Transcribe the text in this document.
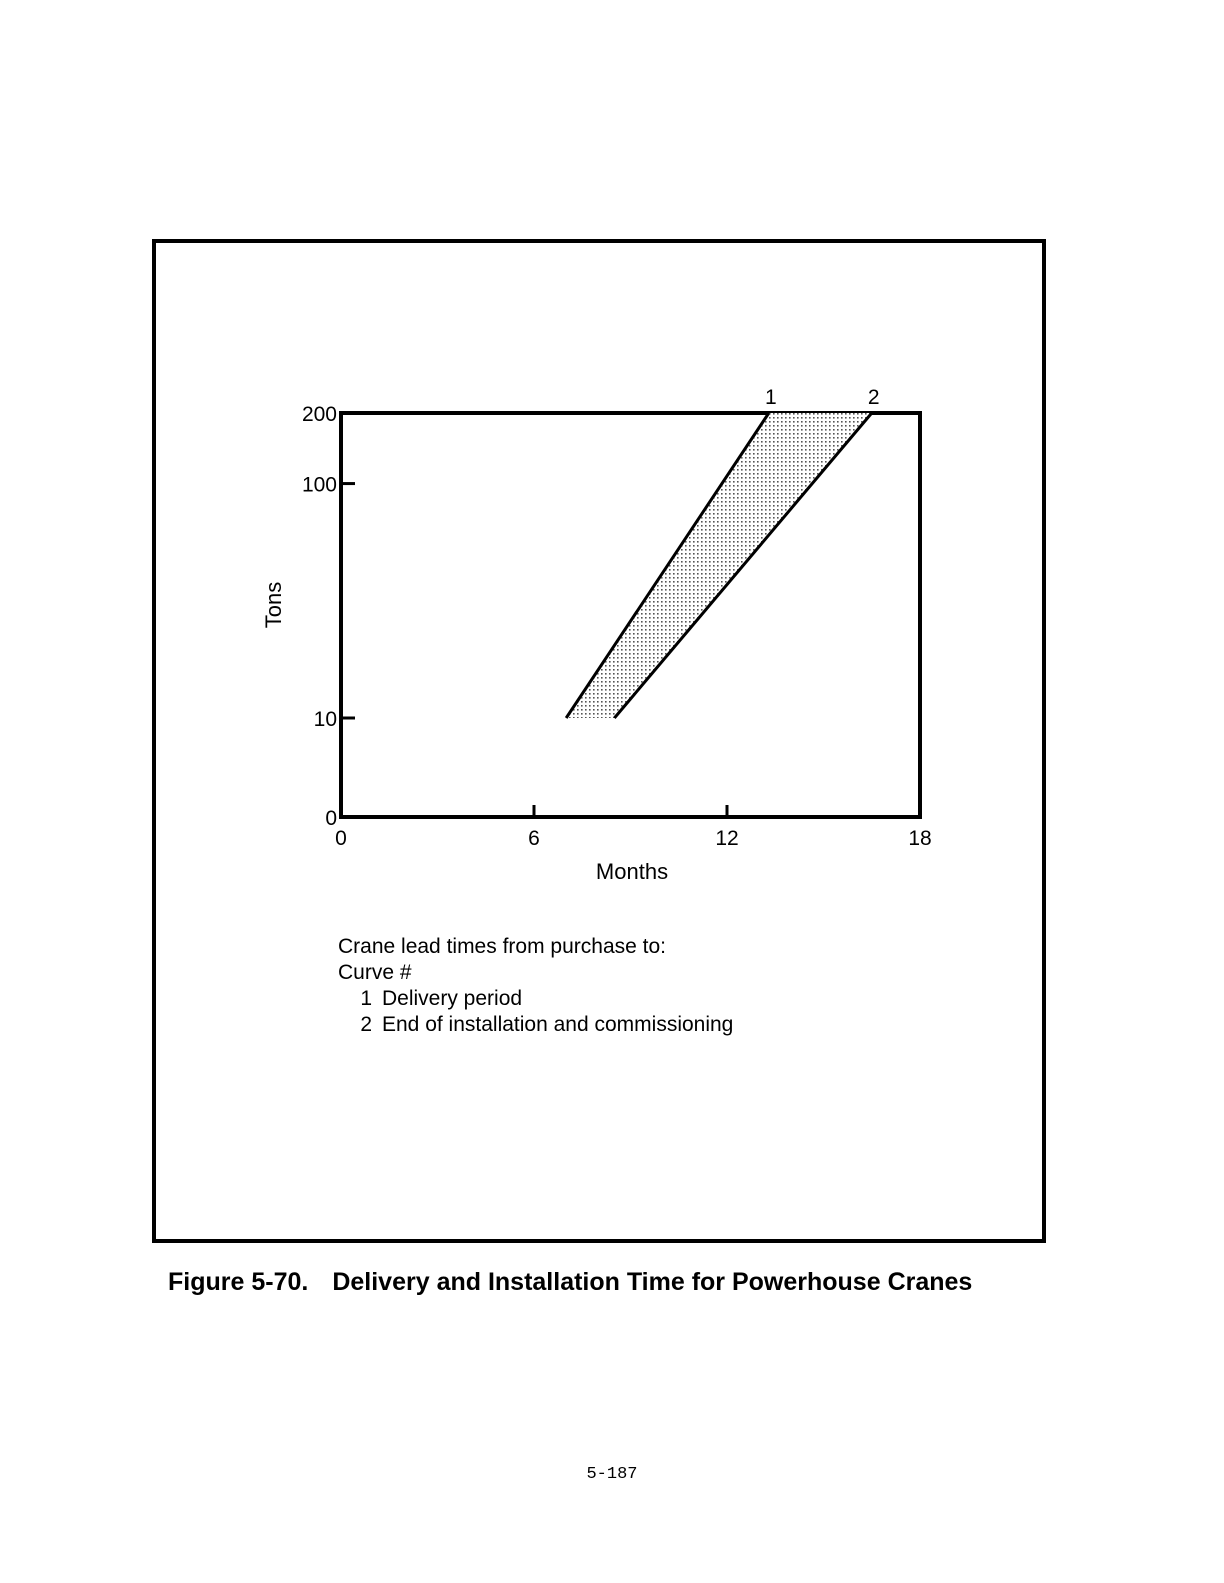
1	2
0	6	12	18
0
10
100
200
Months
Tons
Crane lead times from purchase to:
Curve #
1 Delivery period
2 End of installation and commissioning
Figure 5-70. Delivery and Installation Time for Powerhouse Cranes
5-187
